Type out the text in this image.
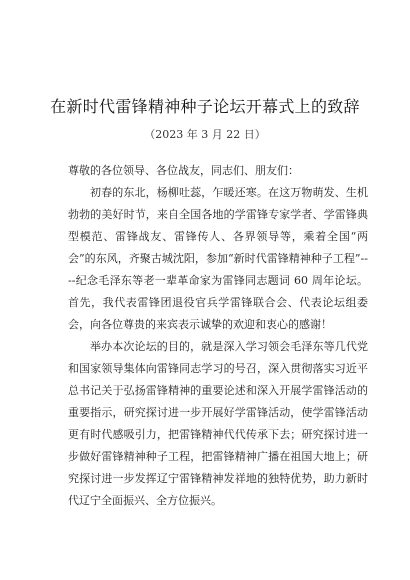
在新时代雷锋精神种子论坛开幕式上的致辞
（2023 年 3 月 22 日）

尊敬的各位领导、各位战友，同志们、朋友们：

初春的东北，杨柳吐蕊，乍暖还寒。在这万物萌发、生机勃勃的美好时节，来自全国各地的学雷锋专家学者、学雷锋典型模范、雷锋战友、雷锋传人、各界领导等，乘着全国“两会”的东风，齐聚古城沈阳，参加“新时代雷锋精神种子工程”----纪念毛泽东等老一辈革命家为雷锋同志题词 60 周年论坛。首先，我代表雷锋团退役官兵学雷锋联合会、代表论坛组委会，向各位尊贵的来宾表示诚挚的欢迎和衷心的感谢！

举办本次论坛的目的，就是深入学习领会毛泽东等几代党和国家领导集体向雷锋同志学习的号召，深入贯彻落实习近平总书记关于弘扬雷锋精神的重要论述和深入开展学雷锋活动的重要指示，研究探讨进一步开展好学雷锋活动，使学雷锋活动更有时代感吸引力，把雷锋精神代代传承下去；研究探讨进一步做好雷锋精神种子工程，把雷锋精神广播在祖国大地上；研究探讨进一步发挥辽宁雷锋精神发祥地的独特优势，助力新时代辽宁全面振兴、全方位振兴。
